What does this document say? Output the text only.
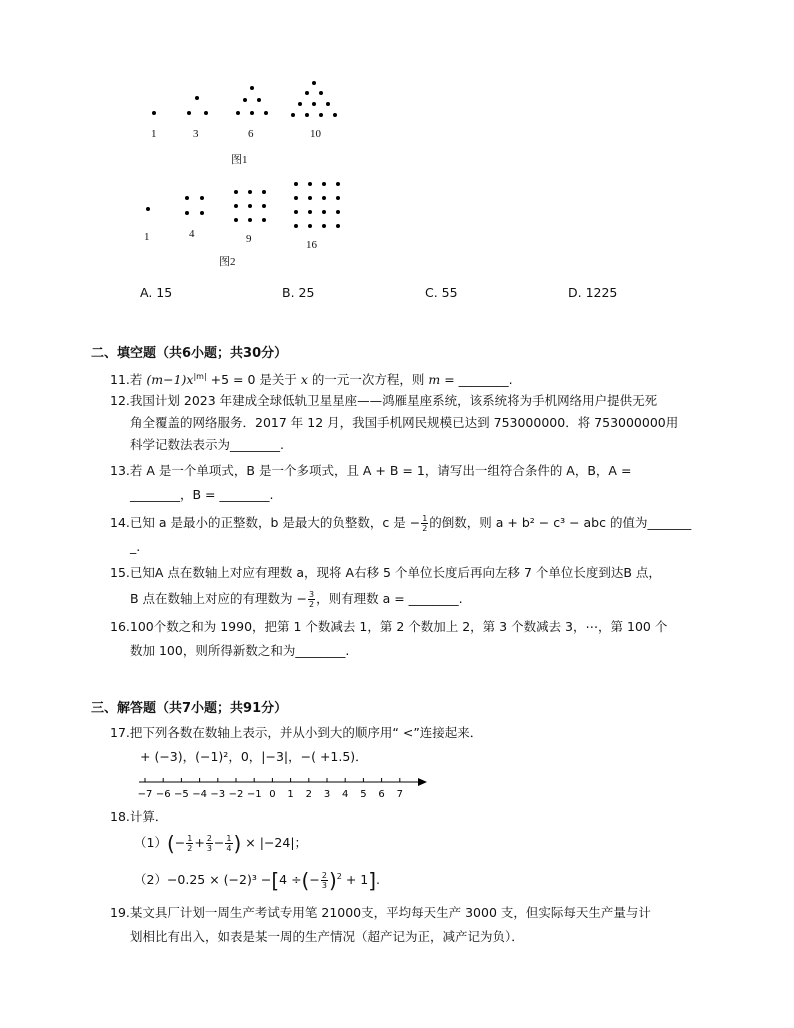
1	3	6	10
图1
1	4	9	16
图2
A. 15	B. 25	C. 55	D. 1225
二、填空题（共6小题；共30分）
11.若 $(m-1)x^{|m|} +5 = 0$ 是关于 x 的一元一次方程，则 m = ________.
12.我国计划 2023 年建成全球低轨卫星星座——鸿雁星座系统，该系统将为手机网络用户提供无死
角全覆盖的网络服务．2017 年 12 月，我国手机网民规模已达到 753000000．将 753000000用
科学记数法表示为________.
13.若 A 是一个单项式，B 是一个多项式，且 A + B = 1，请写出一组符合条件的 A，B，A =
________，B = ________.
14.已知 a 是最小的正整数，b 是最大的负整数，c 是 − $\frac{1}{2}$ 的倒数，则 a + b² − c³ − abc 的值为_______
_.
15.已知A 点在数轴上对应有理数 a，现将 A右移 5 个单位长度后再向左移 7 个单位长度到达B 点，
B 点在数轴上对应的有理数为 − $\frac{3}{2}$ ，则有理数 a = ________.
16.100个数之和为 1990，把第 1 个数减去 1，第 2 个数加上 2，第 3 个数减去 3，⋯，第 100 个
数加 100，则所得新数之和为________.
三、解答题（共7小题；共91分）
17.把下列各数在数轴上表示，并从小到大的顺序用“ <”连接起来．
+ (−3)，(−1)²，0，|−3|，−( +1.5)．
−7 −6 −5 −4 −3 −2 −1 0 1 2 3 4 5 6 7
18.计算．
$(1)(- \frac{1}{2} + \frac{2}{3} - \frac{1}{4}$ ) × |−24|；
（2）−0.25 × (−2)³ −[4 ÷(− $\frac{2}{3} )^2 + 1$].
19.某文具厂计划一周生产考试专用笔 21000支，平均每天生产 3000 支，但实际每天生产量与计
划相比有出入，如表是某一周的生产情况（超产记为正，减产记为负）．
